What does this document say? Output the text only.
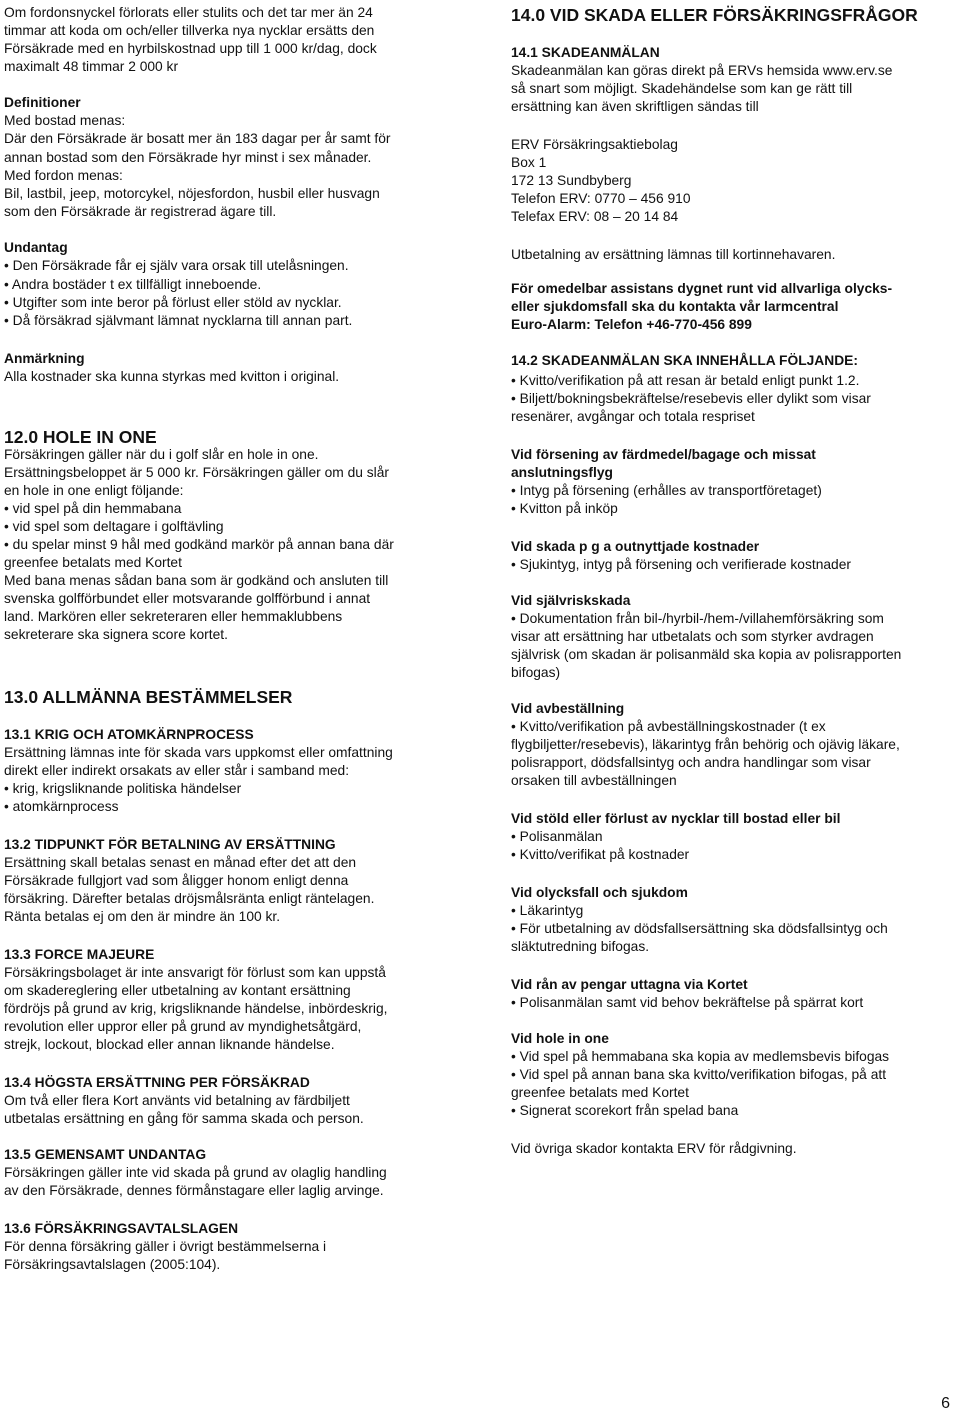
Om fordonsnyckel förlorats eller stulits och det tar mer än 24
timmar att koda om och/eller tillverka nya nycklar ersätts den
Försäkrade med en hyrbilskostnad upp till 1 000 kr/dag, dock
maximalt 48 timmar 2 000 kr
Definitioner
Med bostad menas:
Där den Försäkrade är bosatt mer än 183 dagar per år samt för
annan bostad som den Försäkrade hyr minst i sex månader.
Med fordon menas:
Bil, lastbil, jeep, motorcykel, nöjesfordon, husbil eller husvagn
som den Försäkrade är registrerad ägare till.
Undantag
• Den Försäkrade får ej själv vara orsak till utelåsningen.
• Andra bostäder t ex tillfälligt inneboende.
• Utgifter som inte beror på förlust eller stöld av nycklar.
• Då försäkrad självmant lämnat nycklarna till annan part.
Anmärkning
Alla kostnader ska kunna styrkas med kvitton i original.
12.0 HOLE IN ONE
Försäkringen gäller när du i golf slår en hole in one.
Ersättningsbeloppet är 5 000 kr. Försäkringen gäller om du slår
en hole in one enligt följande:
• vid spel på din hemmabana
• vid spel som deltagare i golftävling
• du spelar minst 9 hål med godkänd markör på annan bana där
greenfee betalats med Kortet
Med bana menas sådan bana som är godkänd och ansluten till
svenska golfförbundet eller motsvarande golfförbund i annat
land. Markören eller sekreteraren eller hemmaklubbens
sekreterare ska signera score kortet.
13.0 ALLMÄNNA BESTÄMMELSER
13.1 KRIG OCH ATOMKÄRNPROCESS
Ersättning lämnas inte för skada vars uppkomst eller omfattning
direkt eller indirekt orsakats av eller står i samband med:
• krig, krigsliknande politiska händelser
• atomkärnprocess
13.2 TIDPUNKT FÖR BETALNING AV ERSÄTTNING
Ersättning skall betalas senast en månad efter det att den
Försäkrade fullgjort vad som åligger honom enligt denna
försäkring. Därefter betalas dröjsmålsränta enligt räntelagen.
Ränta betalas ej om den är mindre än 100 kr.
13.3 FORCE MAJEURE
Försäkringsbolaget är inte ansvarigt för förlust som kan uppstå
om skadereglering eller utbetalning av kontant ersättning
fördröjs på grund av krig, krigsliknande händelse, inbördeskrig,
revolution eller uppror eller på grund av myndighetsåtgärd,
strejk, lockout, blockad eller annan liknande händelse.
13.4 HÖGSTA ERSÄTTNING PER FÖRSÄKRAD
Om två eller flera Kort använts vid betalning av färdbiljett
utbetalas ersättning en gång för samma skada och person.
13.5 GEMENSAMT UNDANTAG
Försäkringen gäller inte vid skada på grund av olaglig handling
av den Försäkrade, dennes förmånstagare eller laglig arvinge.
13.6 FÖRSÄKRINGSAVTALSLAGEN
För denna försäkring gäller i övrigt bestämmelserna i
Försäkringsavtalslagen (2005:104).
14.0 VID SKADA ELLER FÖRSÄKRINGSFRÅGOR
14.1 SKADEANMÄLAN
Skadeanmälan kan göras direkt på ERVs hemsida www.erv.se
så snart som möjligt. Skadehändelse som kan ge rätt till
ersättning kan även skriftligen sändas till
ERV Försäkringsaktiebolag
Box 1
172 13 Sundbyberg
Telefon ERV: 0770 – 456 910
Telefax ERV: 08 – 20 14 84
Utbetalning av ersättning lämnas till kortinnehavaren.
För omedelbar assistans dygnet runt vid allvarliga olycks-
eller sjukdomsfall ska du kontakta vår larmcentral
Euro-Alarm: Telefon +46-770-456 899
14.2 SKADEANMÄLAN SKA INNEHÅLLA FÖLJANDE:
• Kvitto/verifikation på att resan är betald enligt punkt 1.2.
• Biljett/bokningsbekräftelse/resebevis eller dylikt som visar
resenärer, avgångar och totala respriset
Vid försening av färdmedel/bagage och missat
anslutningsflyg
• Intyg på försening (erhålles av transportföretaget)
• Kvitton på inköp
Vid skada p g a outnyttjade kostnader
• Sjukintyg, intyg på försening och verifierade kostnader
Vid självriskskada
• Dokumentation från bil-/hyrbil-/hem-/villahemförsäkring som
visar att ersättning har utbetalats och som styrker avdragen
självrisk (om skadan är polisanmäld ska kopia av polisrapporten
bifogas)
Vid avbeställning
• Kvitto/verifikation på avbeställningskostnader (t ex
flygbiljetter/resebevis), läkarintyg från behörig och ojävig läkare,
polisrapport, dödsfallsintyg och andra handlingar som visar
orsaken till avbeställningen
Vid stöld eller förlust av nycklar till bostad eller bil
• Polisanmälan
• Kvitto/verifikat på kostnader
Vid olycksfall och sjukdom
• Läkarintyg
• För utbetalning av dödsfallsersättning ska dödsfallsintyg och
släktutredning bifogas.
Vid rån av pengar uttagna via Kortet
• Polisanmälan samt vid behov bekräftelse på spärrat kort
Vid hole in one
• Vid spel på hemmabana ska kopia av medlemsbevis bifogas
• Vid spel på annan bana ska kvitto/verifikation bifogas, på att
greenfee betalats med Kortet
• Signerat scorekort från spelad bana
Vid övriga skador kontakta ERV för rådgivning.
6
